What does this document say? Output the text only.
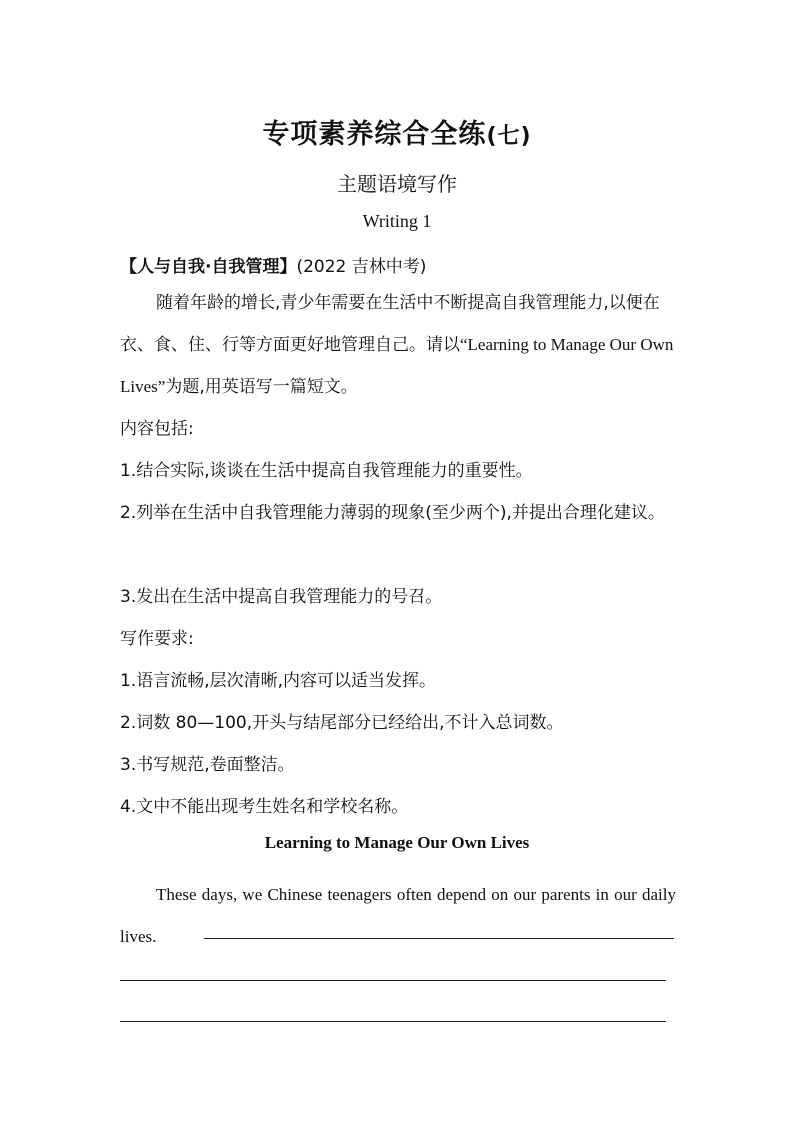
专项素养综合全练(七)
主题语境写作
Writing 1
【人与自我·自我管理】(2022 吉林中考)
随着年龄的增长,青少年需要在生活中不断提高自我管理能力,以便在衣、食、住、行等方面更好地管理自己。请以“Learning to Manage Our Own Lives”为题,用英语写一篇短文。
内容包括:
1.结合实际,谈谈在生活中提高自我管理能力的重要性。
2.列举在生活中自我管理能力薄弱的现象(至少两个),并提出合理化建议。
3.发出在生活中提高自我管理能力的号召。
写作要求:
1.语言流畅,层次清晰,内容可以适当发挥。
2.词数 80—100,开头与结尾部分已经给出,不计入总词数。
3.书写规范,卷面整洁。
4.文中不能出现考生姓名和学校名称。
Learning to Manage Our Own Lives
These days, we Chinese teenagers often depend on our parents in our daily lives.
